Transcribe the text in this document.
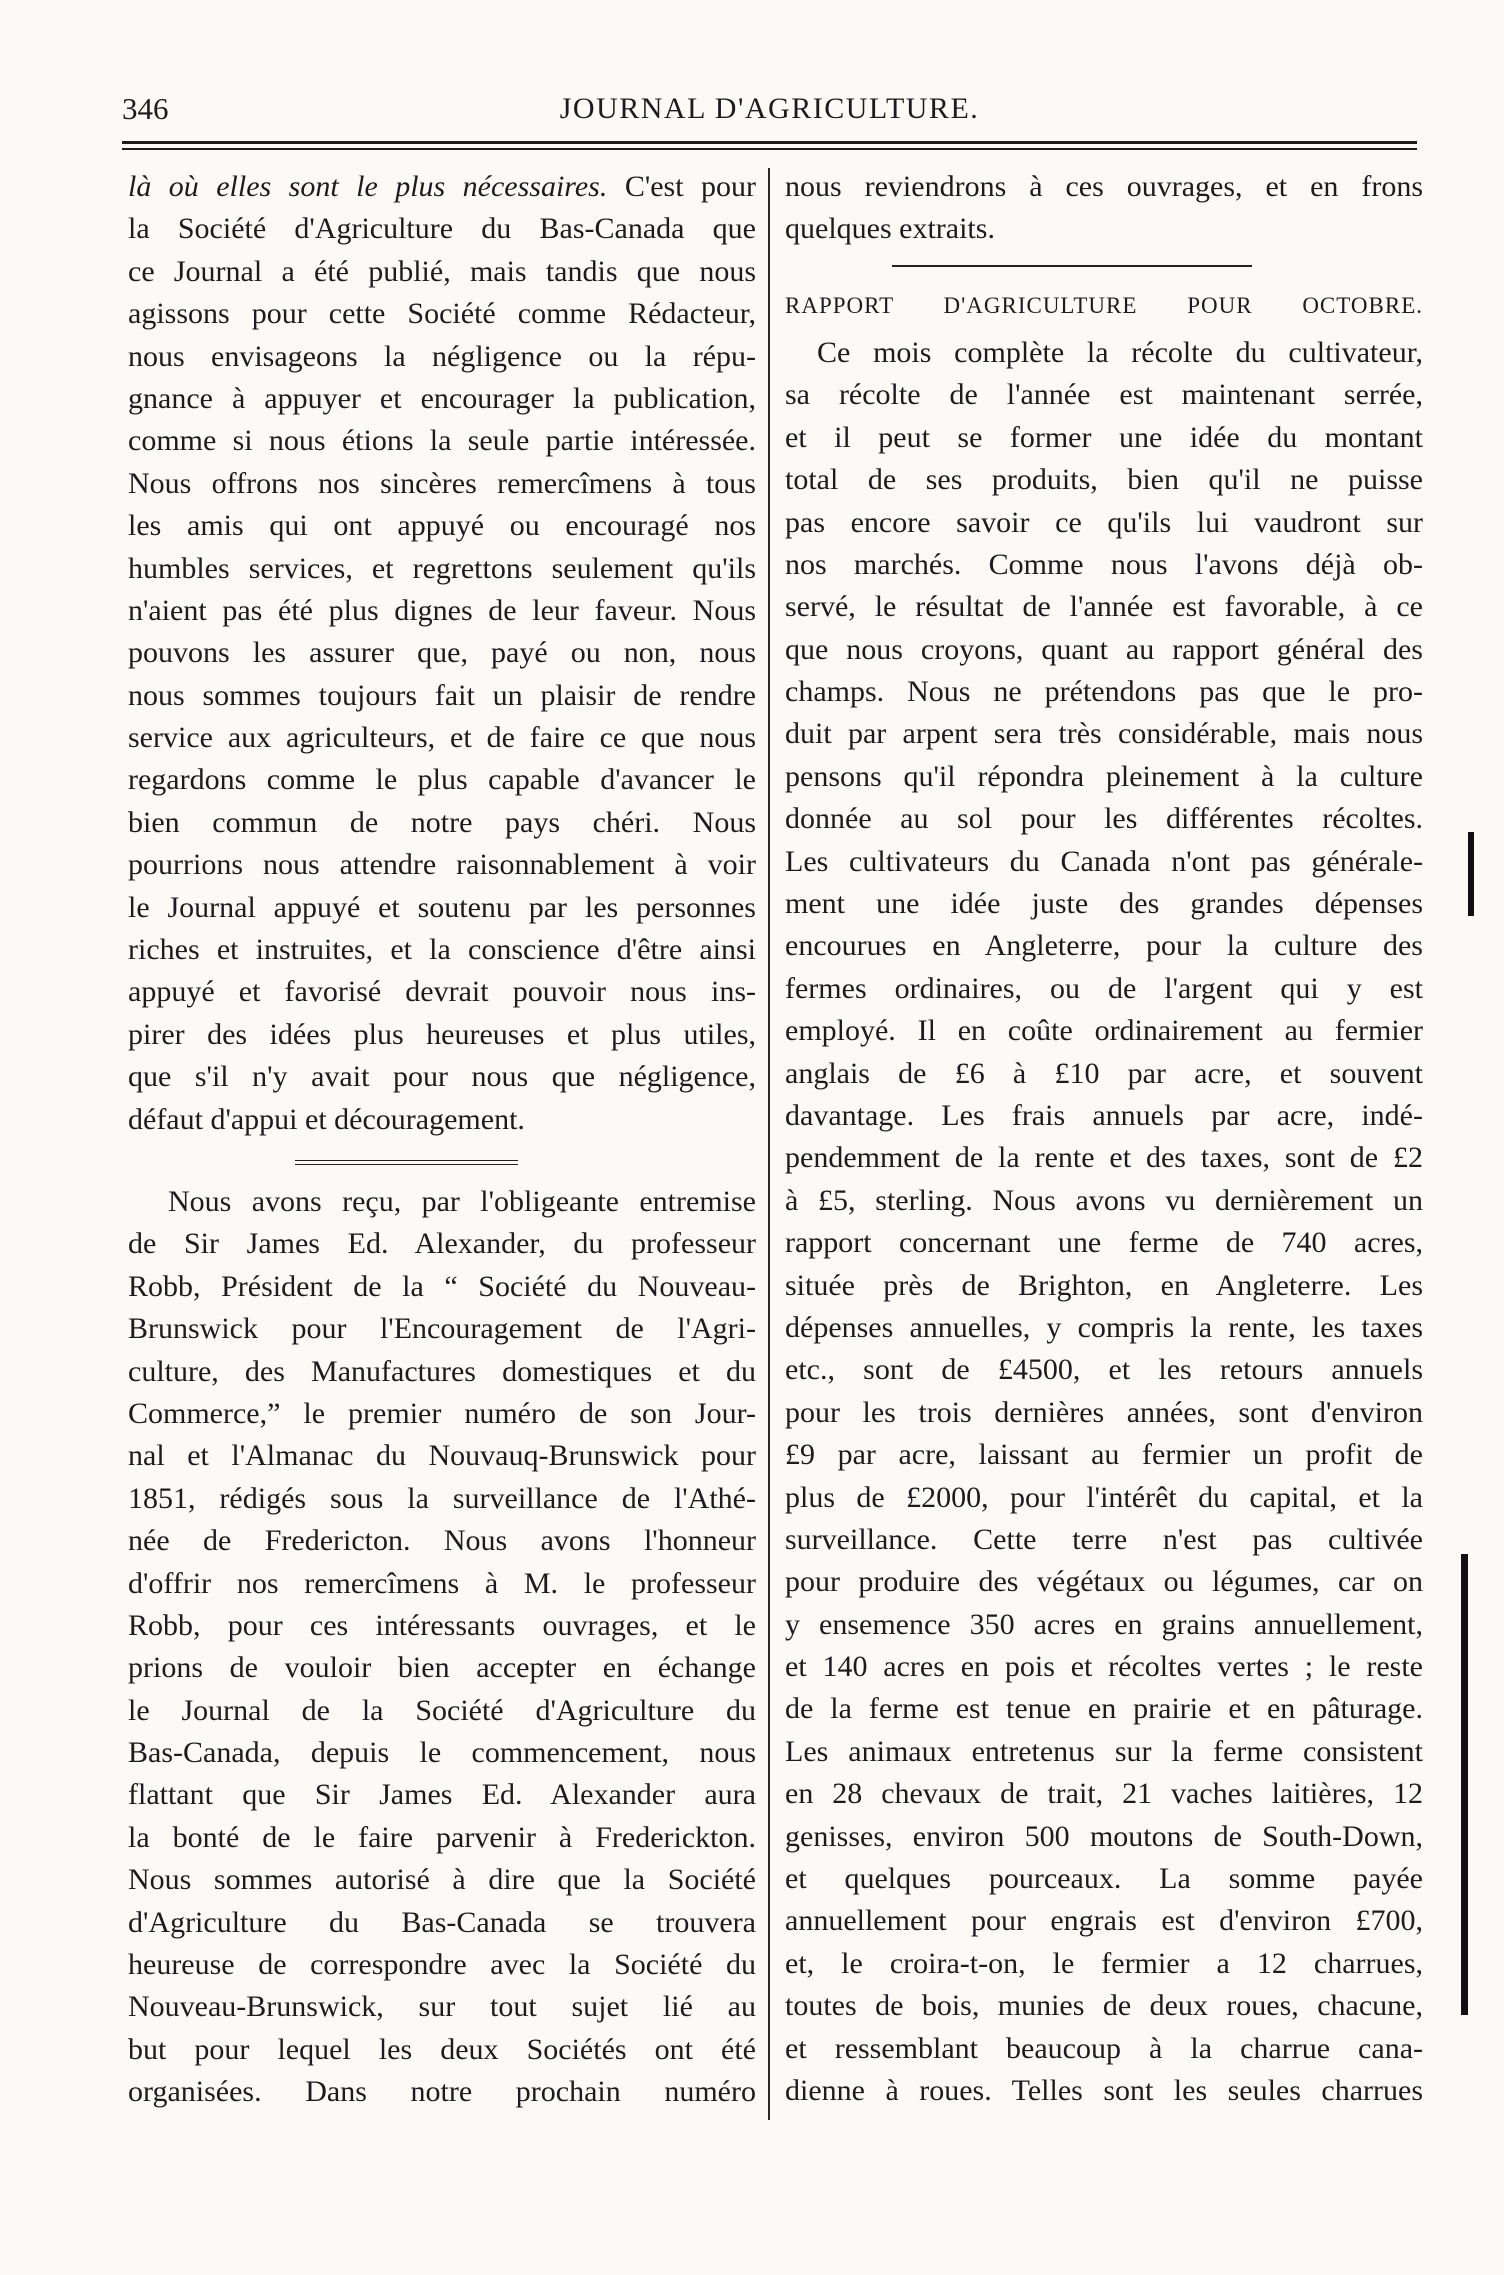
346	JOURNAL D'AGRICULTURE.
là où elles sont le plus nécessaires. C'est pour
la Société d'Agriculture du Bas-Canada que
ce Journal a été publié, mais tandis que nous
agissons pour cette Société comme Rédacteur,
nous envisageons la négligence ou la répu-
gnance à appuyer et encourager la publication,
comme si nous étions la seule partie intéressée.
Nous offrons nos sincères remercîmens à tous
les amis qui ont appuyé ou encouragé nos
humbles services, et regrettons seulement qu'ils
n'aient pas été plus dignes de leur faveur. Nous
pouvons les assurer que, payé ou non, nous
nous sommes toujours fait un plaisir de rendre
service aux agriculteurs, et de faire ce que nous
regardons comme le plus capable d'avancer le
bien commun de notre pays chéri. Nous
pourrions nous attendre raisonnablement à voir
le Journal appuyé et soutenu par les personnes
riches et instruites, et la conscience d'être ainsi
appuyé et favorisé devrait pouvoir nous ins-
pirer des idées plus heureuses et plus utiles,
que s'il n'y avait pour nous que négligence,
défaut d'appui et découragement.
Nous avons reçu, par l'obligeante entremise
de Sir James Ed. Alexander, du professeur
Robb, Président de la “ Société du Nouveau-
Brunswick pour l'Encouragement de l'Agri-
culture, des Manufactures domestiques et du
Commerce,” le premier numéro de son Jour-
nal et l'Almanac du Nouvauq-Brunswick pour
1851, rédigés sous la surveillance de l'Athé-
née de Fredericton. Nous avons l'honneur
d'offrir nos remercîmens à M. le professeur
Robb, pour ces intéressants ouvrages, et le
prions de vouloir bien accepter en échange
le Journal de la Société d'Agriculture du
Bas-Canada, depuis le commencement, nous
flattant que Sir James Ed. Alexander aura
la bonté de le faire parvenir à Frederickton.
Nous sommes autorisé à dire que la Société
d'Agriculture du Bas-Canada se trouvera
heureuse de correspondre avec la Société du
Nouveau-Brunswick, sur tout sujet lié au
but pour lequel les deux Sociétés ont été
organisées. Dans notre prochain numéro
nous reviendrons à ces ouvrages, et en frons
quelques extraits.
RAPPORT D'AGRICULTURE POUR OCTOBRE.
Ce mois complète la récolte du cultivateur,
sa récolte de l'année est maintenant serrée,
et il peut se former une idée du montant
total de ses produits, bien qu'il ne puisse
pas encore savoir ce qu'ils lui vaudront sur
nos marchés. Comme nous l'avons déjà ob-
servé, le résultat de l'année est favorable, à ce
que nous croyons, quant au rapport général des
champs. Nous ne prétendons pas que le pro-
duit par arpent sera très considérable, mais nous
pensons qu'il répondra pleinement à la culture
donnée au sol pour les différentes récoltes.
Les cultivateurs du Canada n'ont pas générale-
ment une idée juste des grandes dépenses
encourues en Angleterre, pour la culture des
fermes ordinaires, ou de l'argent qui y est
employé. Il en coûte ordinairement au fermier
anglais de £6 à £10 par acre, et souvent
davantage. Les frais annuels par acre, indé-
pendemment de la rente et des taxes, sont de £2
à £5, sterling. Nous avons vu dernièrement un
rapport concernant une ferme de 740 acres,
située près de Brighton, en Angleterre. Les
dépenses annuelles, y compris la rente, les taxes
etc., sont de £4500, et les retours annuels
pour les trois dernières années, sont d'environ
£9 par acre, laissant au fermier un profit de
plus de £2000, pour l'intérêt du capital, et la
surveillance. Cette terre n'est pas cultivée
pour produire des végétaux ou légumes, car on
y ensemence 350 acres en grains annuellement,
et 140 acres en pois et récoltes vertes ; le reste
de la ferme est tenue en prairie et en pâturage.
Les animaux entretenus sur la ferme consistent
en 28 chevaux de trait, 21 vaches laitières, 12
genisses, environ 500 moutons de South-Down,
et quelques pourceaux. La somme payée
annuellement pour engrais est d'environ £700,
et, le croira-t-on, le fermier a 12 charrues,
toutes de bois, munies de deux roues, chacune,
et ressemblant beaucoup à la charrue cana-
dienne à roues. Telles sont les seules charrues
